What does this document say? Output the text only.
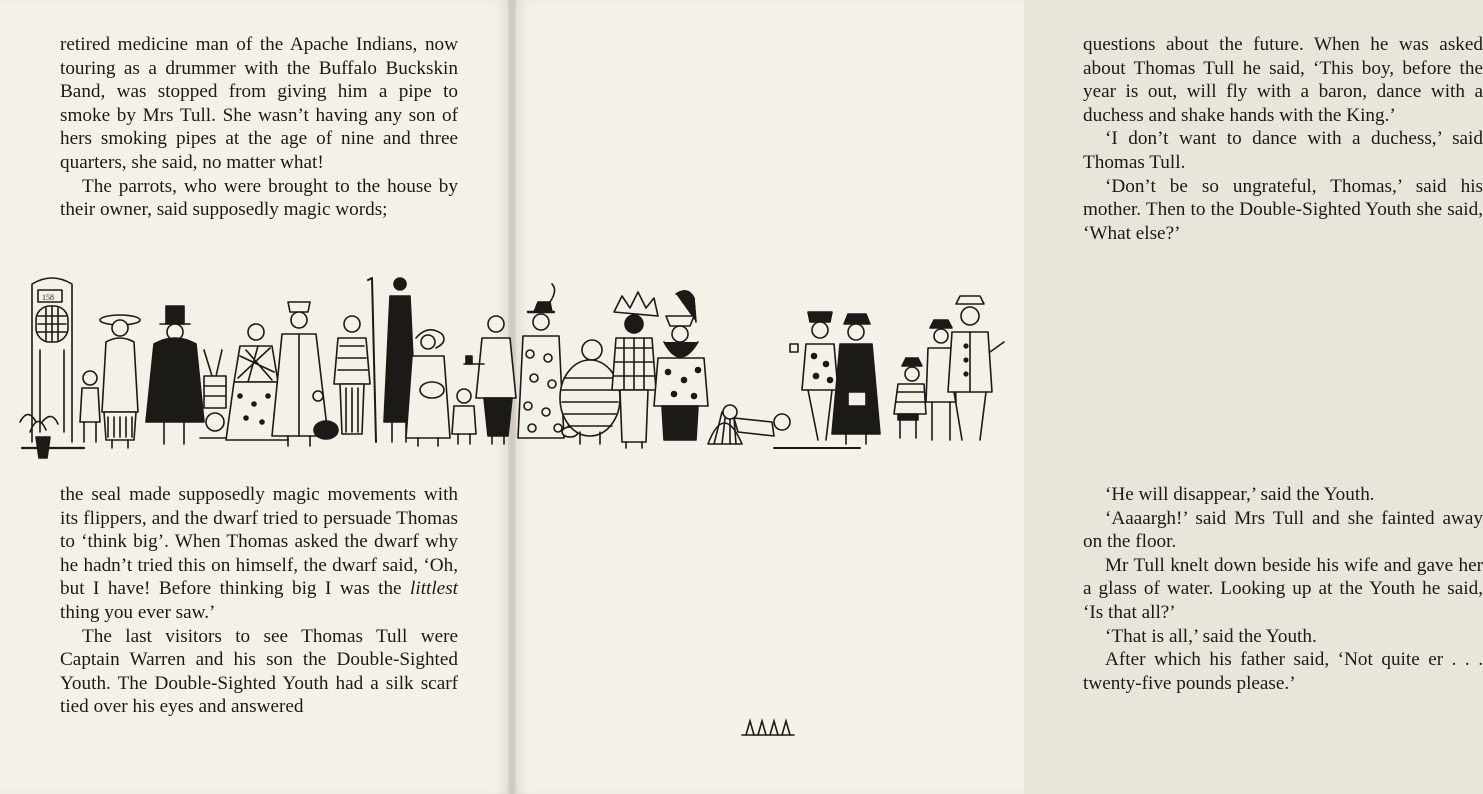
retired medicine man of the Apache Indians, now touring as a drummer with the Buffalo Buckskin Band, was stopped from giving him a pipe to smoke by Mrs Tull. She wasn’t having any son of hers smoking pipes at the age of nine and three quarters, she said, no matter what!

The parrots, who were brought to the house by their owner, said supposedly magic words;

the seal made supposedly magic movements with its flippers, and the dwarf tried to persuade Thomas to ‘think big’. When Thomas asked the dwarf why he hadn’t tried this on himself, the dwarf said, ‘Oh, but I have! Before thinking big I was the littlest thing you ever saw.’

The last visitors to see Thomas Tull were Captain Warren and his son the Double-Sighted Youth. The Double-Sighted Youth had a silk scarf tied over his eyes and answered

questions about the future. When he was asked about Thomas Tull he said, ‘This boy, before the year is out, will fly with a baron, dance with a duchess and shake hands with the King.’

‘I don’t want to dance with a duchess,’ said Thomas Tull.

‘Don’t be so ungrateful, Thomas,’ said his mother. Then to the Double-Sighted Youth she said, ‘What else?’

‘He will disappear,’ said the Youth.

‘Aaaargh!’ said Mrs Tull and she fainted away on the floor.

Mr Tull knelt down beside his wife and gave her a glass of water. Looking up at the Youth he said, ‘Is that all?’

‘That is all,’ said the Youth.

After which his father said, ‘Not quite er . . . twenty-five pounds please.’

158
